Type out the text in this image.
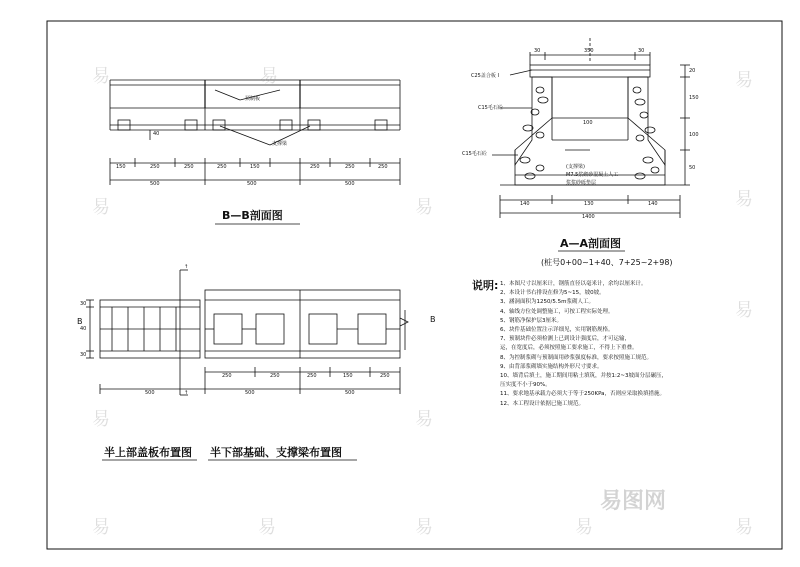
预制板
支撑梁
40
150	250	250	250	150	250	250	250
500	500	500
B—B剖面图
C25盖合板 I
C15毛石砼
C15毛石砼
(支撑梁)
M7.5浆砌砂混凝土人工
浆浆砂砾垫层
30	350	30
20
150
100
50
100
140	130	140
1400
A—A剖面图
(桩号0+00~1+40、7+25~2+98)
↑
↑
B	B
30
40
30
250	250	250	150	250
500	500	500
半上部盖板布置图 半下部基础、支撑梁布置图
说明: 1、本图尺寸以厘米计，钢筋直径以毫米计，余均以厘米计。
2、本设计书右排设在修为5~15，坡0坡。
3、涵洞面积为1250/5.5m浆砌人工。
4、轴线方位处调整施工，可按工程实际处理。
5、钢筋净保护层3厘米。
6、块件基础位置注示详细见，实用钢筋规格。
7、预制块件必须检测上已到设计强度后，才可运输，
运，在宽度后，必须按照施工要求施工，不得上下重叠。
8、为控制浆砌与预制面用砂浆强度标准，要求按照施工规范。
9、由背部浆砌墙实施结构外形尺寸要求。
10、墙背后填土，施工期间用粘土填筑，并按1:2~3坡面分层碾压，
压实度不小于90%。
11、要求地基承载力必须大于等于250KPa，否则应采取换填措施。
12、本工程设计依据已施工规范。
易	易	易
易	易	易
易
易	易
易	易	易	易	易
易图网
